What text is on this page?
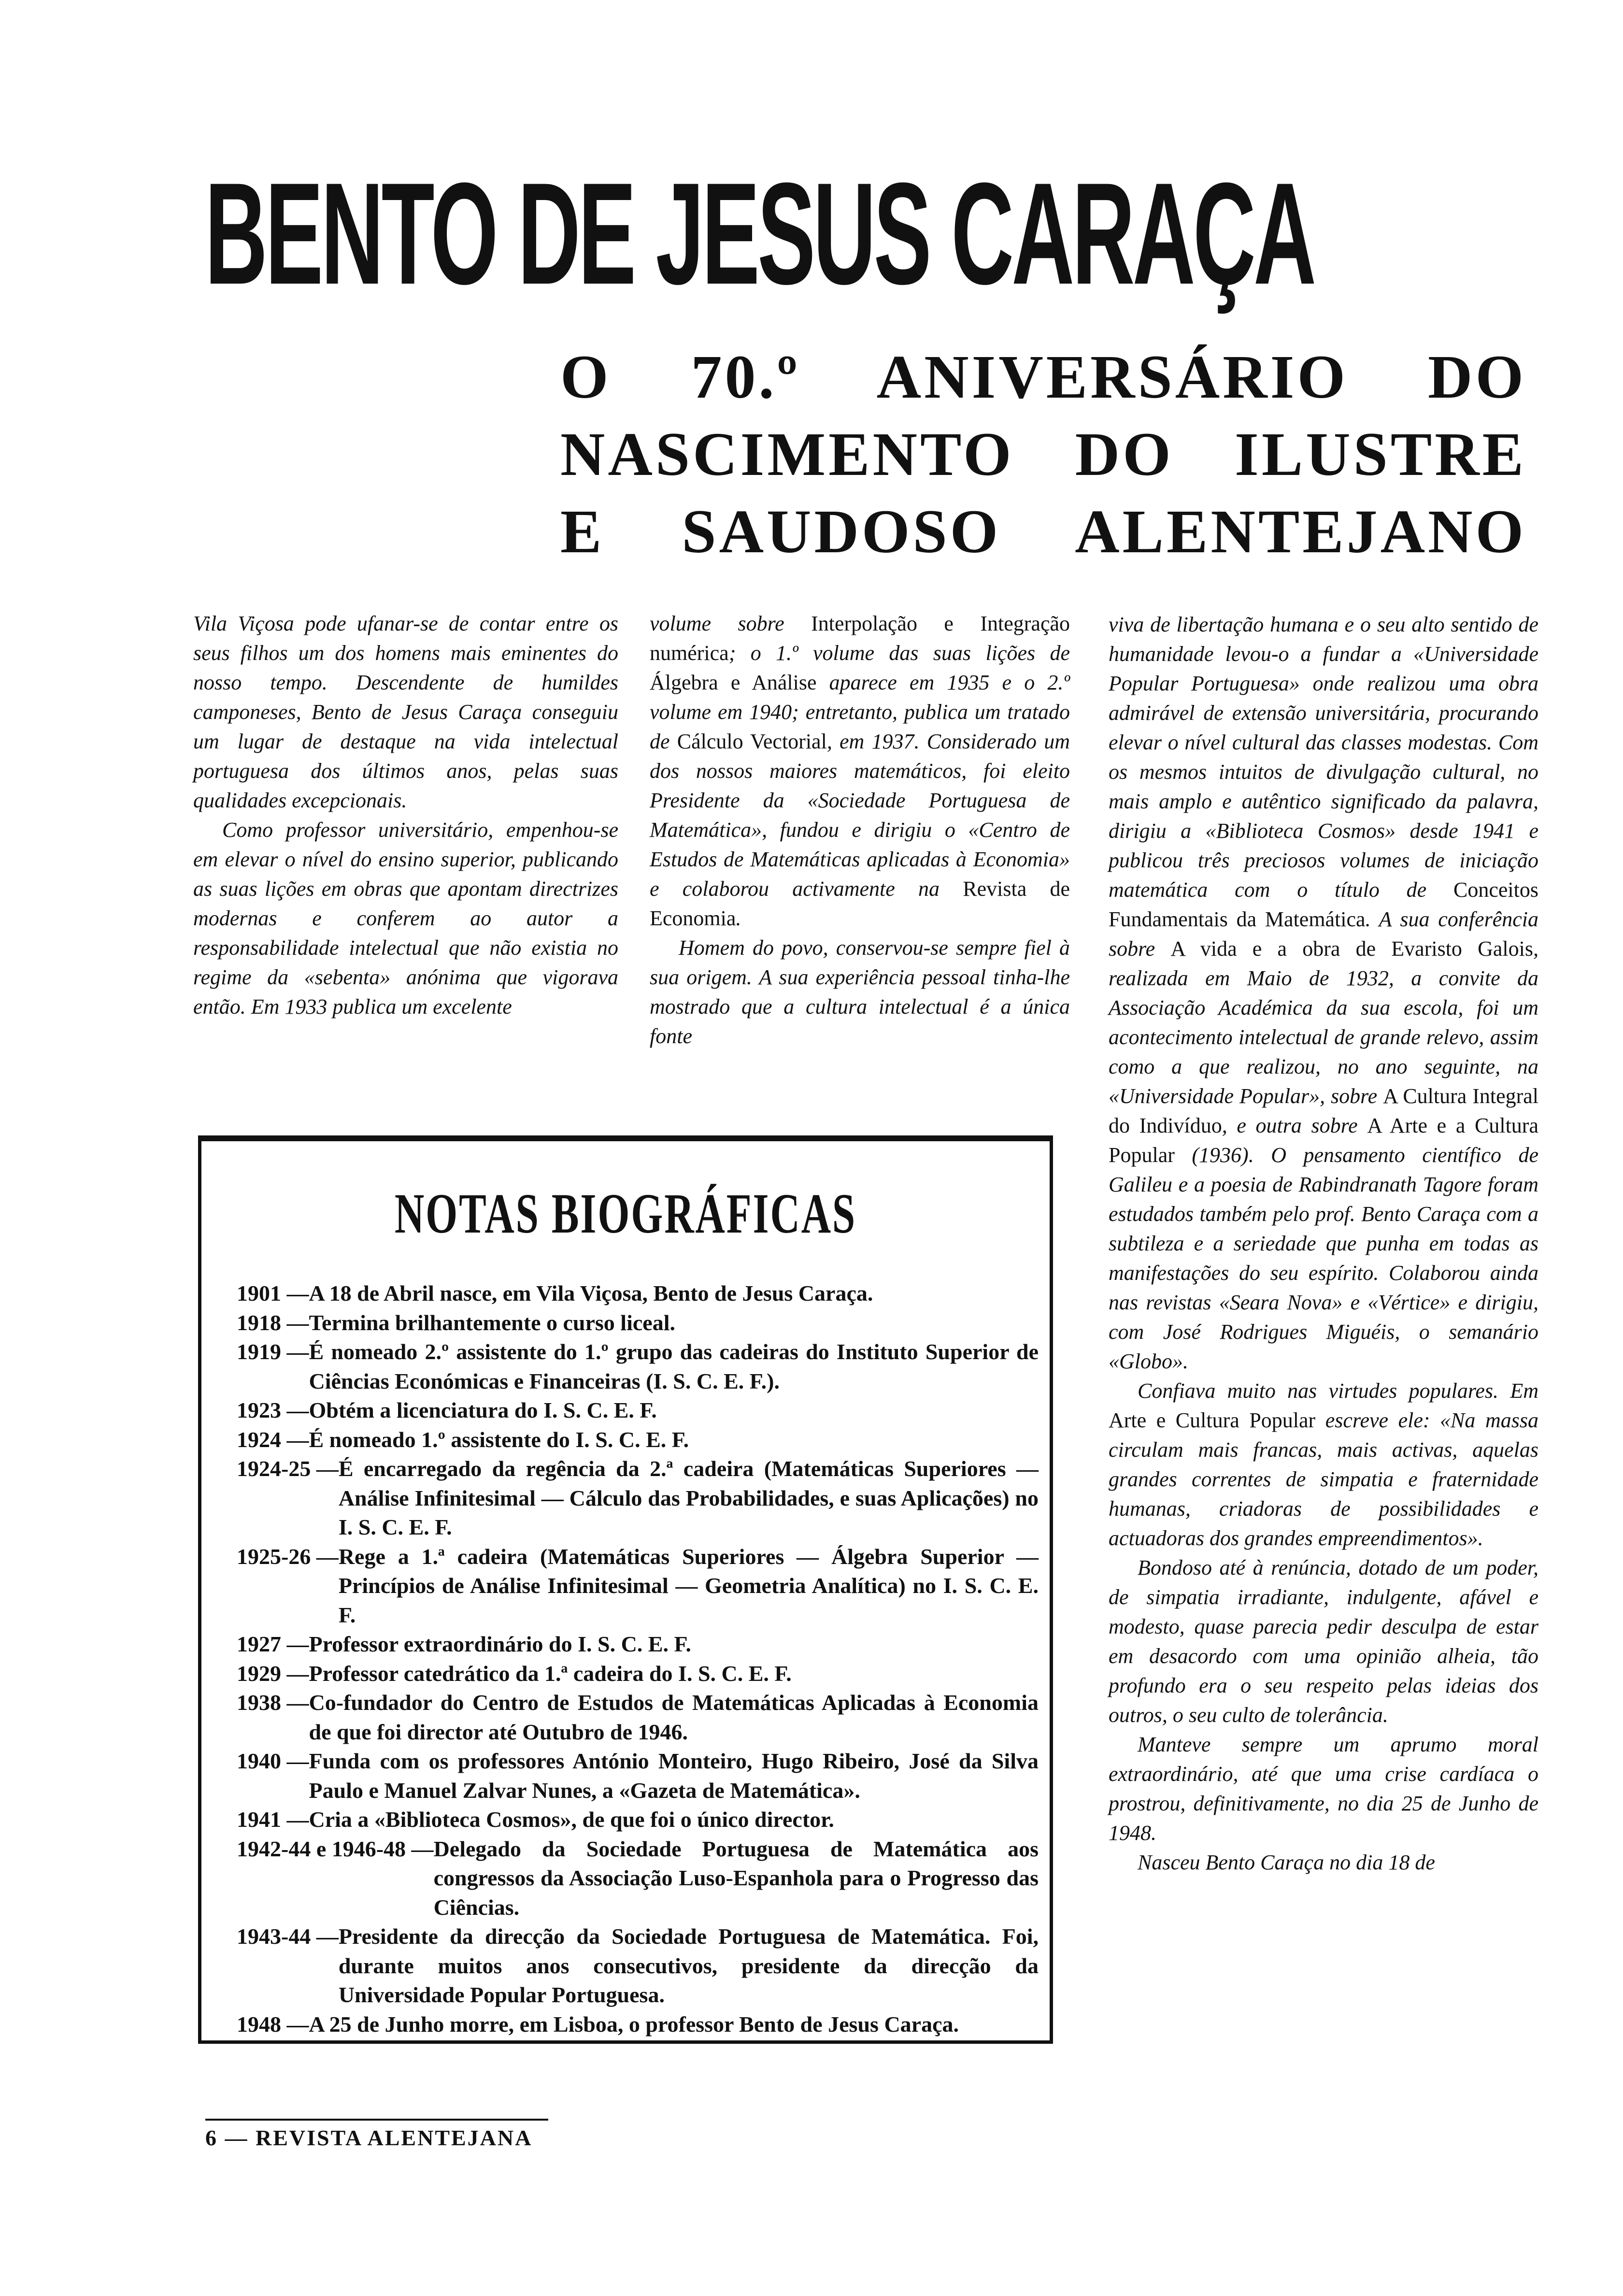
BENTO DE JESUS CARAÇA
O 70.º ANIVERSÁRIO DO
NASCIMENTO DO ILUSTRE
E SAUDOSO ALENTEJANO

Vila Viçosa pode ufanar-se de contar entre os seus filhos um dos homens mais eminentes do nosso tempo. Descendente de humildes camponeses, Bento de Jesus Caraça conseguiu um lugar de destaque na vida intelectual portuguesa dos últimos anos, pelas suas qualidades excepcionais.

Como professor universitário, empenhou-se em elevar o nível do ensino superior, publicando as suas lições em obras que apontam directrizes modernas e conferem ao autor a responsabilidade intelectual que não existia no regime da «sebenta» anónima que vigorava então. Em 1933 publica um excelente

volume sobre Interpolação e Integração numérica; o 1.º volume das suas lições de Álgebra e Análise aparece em 1935 e o 2.º volume em 1940; entretanto, publica um tratado de Cálculo Vectorial, em 1937. Considerado um dos nossos maiores matemáticos, foi eleito Presidente da «Sociedade Portuguesa de Matemática», fundou e dirigiu o «Centro de Estudos de Matemáticas aplicadas à Economia» e colaborou activamente na Revista de Economia.

Homem do povo, conservou-se sempre fiel à sua origem. A sua experiência pessoal tinha-lhe mostrado que a cultura intelectual é a única fonte

viva de libertação humana e o seu alto sentido de humanidade levou-o a fundar a «Universidade Popular Portuguesa» onde realizou uma obra admirável de extensão universitária, procurando elevar o nível cultural das classes modestas. Com os mesmos intuitos de divulgação cultural, no mais amplo e autêntico significado da palavra, dirigiu a «Biblioteca Cosmos» desde 1941 e publicou três preciosos volumes de iniciação matemática com o título de Conceitos Fundamentais da Matemática. A sua conferência sobre A vida e a obra de Evaristo Galois, realizada em Maio de 1932, a convite da Associação Académica da sua escola, foi um acontecimento intelectual de grande relevo, assim como a que realizou, no ano seguinte, na «Universidade Popular», sobre A Cultura Integral do Indivíduo, e outra sobre A Arte e a Cultura Popular (1936). O pensamento científico de Galileu e a poesia de Rabindranath Tagore foram estudados também pelo prof. Bento Caraça com a subtileza e a seriedade que punha em todas as manifestações do seu espírito. Colaborou ainda nas revistas «Seara Nova» e «Vértice» e dirigiu, com José Rodrigues Miguéis, o semanário «Globo».

Confiava muito nas virtudes populares. Em Arte e Cultura Popular escreve ele: «Na massa circulam mais francas, mais activas, aquelas grandes correntes de simpatia e fraternidade humanas, criadoras de possibilidades e actuadoras dos grandes empreendimentos».

Bondoso até à renúncia, dotado de um poder, de simpatia irradiante, indulgente, afável e modesto, quase parecia pedir desculpa de estar em desacordo com uma opinião alheia, tão profundo era o seu respeito pelas ideias dos outros, o seu culto de tolerância.

Manteve sempre um aprumo moral extraordinário, até que uma crise cardíaca o prostrou, definitivamente, no dia 25 de Junho de 1948.

Nasceu Bento Caraça no dia 18 de

NOTAS BIOGRÁFICAS
1901 — A 18 de Abril nasce, em Vila Viçosa, Bento de Jesus Caraça.
1918 — Termina brilhantemente o curso liceal.
1919 — É nomeado 2.º assistente do 1.º grupo das cadeiras do Instituto Superior de Ciências Económicas e Financeiras (I. S. C. E. F.).
1923 — Obtém a licenciatura do I. S. C. E. F.
1924 — É nomeado 1.º assistente do I. S. C. E. F.
1924-25 — É encarregado da regência da 2.ª cadeira (Matemáticas Superiores — Análise Infinitesimal — Cálculo das Probabilidades, e suas Aplicações) no I. S. C. E. F.
1925-26 — Rege a 1.ª cadeira (Matemáticas Superiores — Álgebra Superior — Princípios de Análise Infinitesimal — Geometria Analítica) no I. S. C. E. F.
1927 — Professor extraordinário do I. S. C. E. F.
1929 — Professor catedrático da 1.ª cadeira do I. S. C. E. F.
1938 — Co-fundador do Centro de Estudos de Matemáticas Aplicadas à Economia de que foi director até Outubro de 1946.
1940 — Funda com os professores António Monteiro, Hugo Ribeiro, José da Silva Paulo e Manuel Zalvar Nunes, a «Gazeta de Matemática».
1941 — Cria a «Biblioteca Cosmos», de que foi o único director.
1942-44 e 1946-48 — Delegado da Sociedade Portuguesa de Matemática aos congressos da Associação Luso-Espanhola para o Progresso das Ciências.
1943-44 — Presidente da direcção da Sociedade Portuguesa de Matemática. Foi, durante muitos anos consecutivos, presidente da direcção da Universidade Popular Portuguesa.
1948 — A 25 de Junho morre, em Lisboa, o professor Bento de Jesus Caraça.
6 — REVISTA ALENTEJANA
